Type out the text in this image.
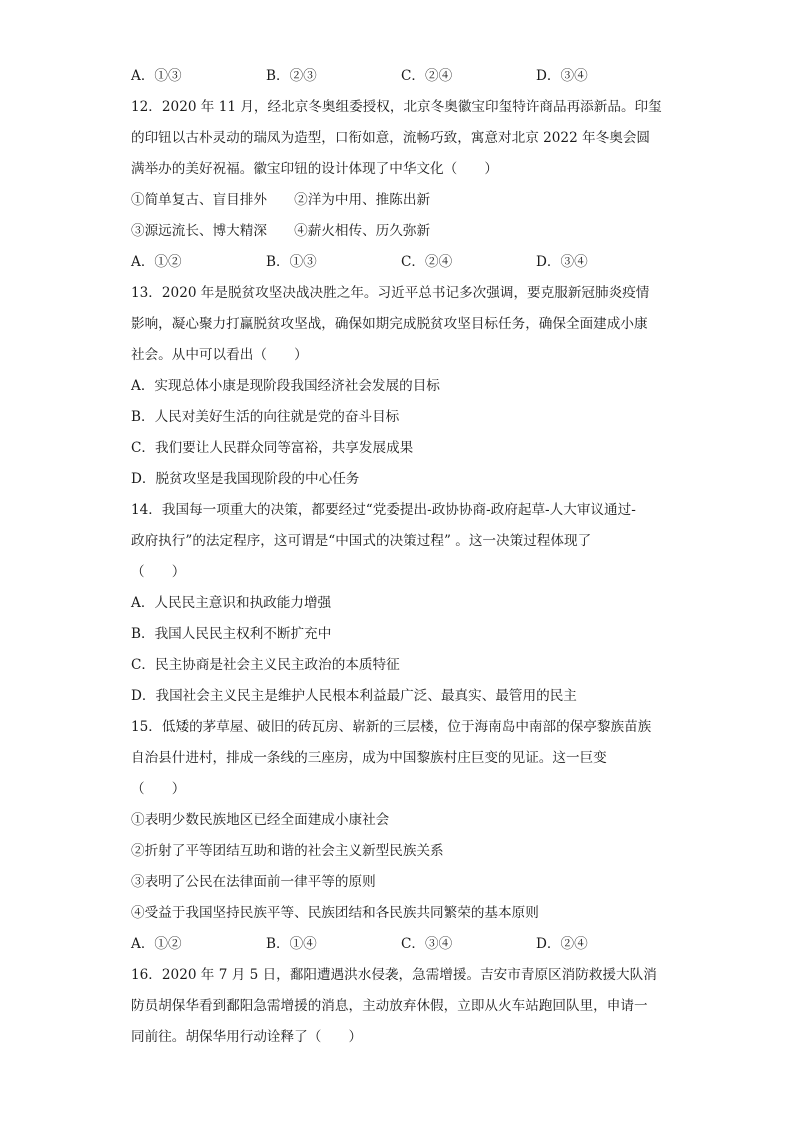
A．①③	B．②③	C．②④	D．③④
12．2020 年 11 月，经北京冬奥组委授权，北京冬奥徽宝印玺特许商品再添新品。印玺
的印钮以古朴灵动的瑞凤为造型，口衔如意，流畅巧致，寓意对北京 2022 年冬奥会圆
满举办的美好祝福。徽宝印钮的设计体现了中华文化（　　）
①简单复古、盲目排外　　②洋为中用、推陈出新
③源远流长、博大精深　　④薪火相传、历久弥新
A．①②	B．①③	C．②④	D．③④
13．2020 年是脱贫攻坚决战决胜之年。习近平总书记多次强调，要克服新冠肺炎疫情
影响，凝心聚力打赢脱贫攻坚战，确保如期完成脱贫攻坚目标任务，确保全面建成小康
社会。从中可以看出（　　）
A．实现总体小康是现阶段我国经济社会发展的目标
B．人民对美好生活的向往就是党的奋斗目标
C．我们要让人民群众同等富裕，共享发展成果
D．脱贫攻坚是我国现阶段的中心任务
14．我国每一项重大的决策，都要经过“党委提出-政协协商-政府起草-人大审议通过-
政府执行”的法定程序，这可谓是“中国式的决策过程” 。这一决策过程体现了
（　　）
A．人民民主意识和执政能力增强
B．我国人民民主权利不断扩充中
C．民主协商是社会主义民主政治的本质特征
D．我国社会主义民主是维护人民根本利益最广泛、最真实、最管用的民主
15．低矮的茅草屋、破旧的砖瓦房、崭新的三层楼，位于海南岛中南部的保亭黎族苗族
自治县什进村，排成一条线的三座房，成为中国黎族村庄巨变的见证。这一巨变
（　　）
①表明少数民族地区已经全面建成小康社会
②折射了平等团结互助和谐的社会主义新型民族关系
③表明了公民在法律面前一律平等的原则
④受益于我国坚持民族平等、民族团结和各民族共同繁荣的基本原则
A．①②	B．①④	C．③④	D．②④
16．2020 年 7 月 5 日，鄱阳遭遇洪水侵袭，急需增援。吉安市青原区消防救援大队消
防员胡保华看到鄱阳急需增援的消息，主动放弃休假，立即从火车站跑回队里，申请一
同前往。胡保华用行动诠释了（　　）
